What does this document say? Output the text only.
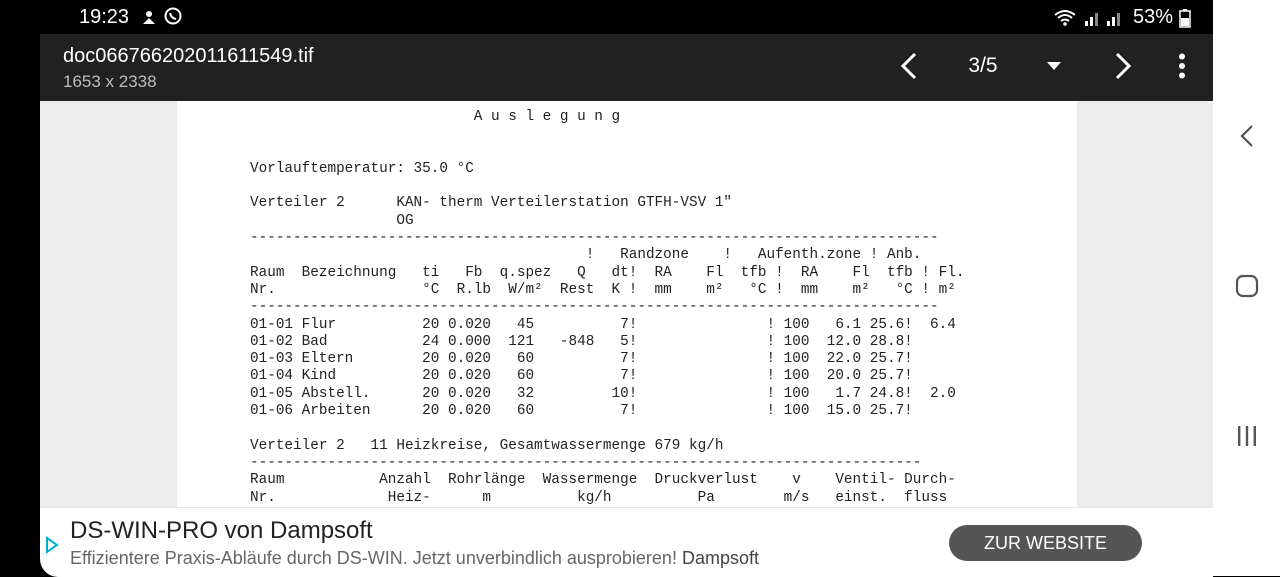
19:23
	53%
doc066766202011611549.tif
1653 x 2338
3/5
A u s l e g u n g

Vorlauftemperatur: 35.0 °C

Verteiler 2      KAN- therm Verteilerstation GTFH-VSV 1"
OG
--------------------------------------------------------------------------------
!   Randzone    !   Aufenth.zone ! Anb.
Raum  Bezeichnung   ti   Fb  q.spez   Q   dt!  RA    Fl  tfb !  RA    Fl  tfb ! Fl.
Nr.                 °C  R.lb  W/m²  Rest  K !  mm    m²   °C !  mm    m²   °C ! m²
--------------------------------------------------------------------------------
01-01 Flur          20 0.020   45          7!               ! 100   6.1 25.6!  6.4
01-02 Bad           24 0.000  121   -848   5!               ! 100  12.0 28.8!
01-03 Eltern        20 0.020   60          7!               ! 100  22.0 25.7!
01-04 Kind          20 0.020   60          7!               ! 100  20.0 25.7!
01-05 Abstell.      20 0.020   32         10!               ! 100   1.7 24.8!  2.0
01-06 Arbeiten      20 0.020   60          7!               ! 100  15.0 25.7!

Verteiler 2   11 Heizkreise, Gesamtwassermenge 679 kg/h
------------------------------------------------------------------------------
Raum           Anzahl  Rohrlänge  Wassermenge  Druckverlust    v    Ventil- Durch-
Nr.             Heiz-      m          kg/h          Pa        m/s   einst.  fluss

DS-WIN-PRO von Dampsoft
Effizientere Praxis-Abläufe durch DS-WIN. Jetzt unverbindlich ausprobieren! Dampsoft
ZUR WEBSITE
